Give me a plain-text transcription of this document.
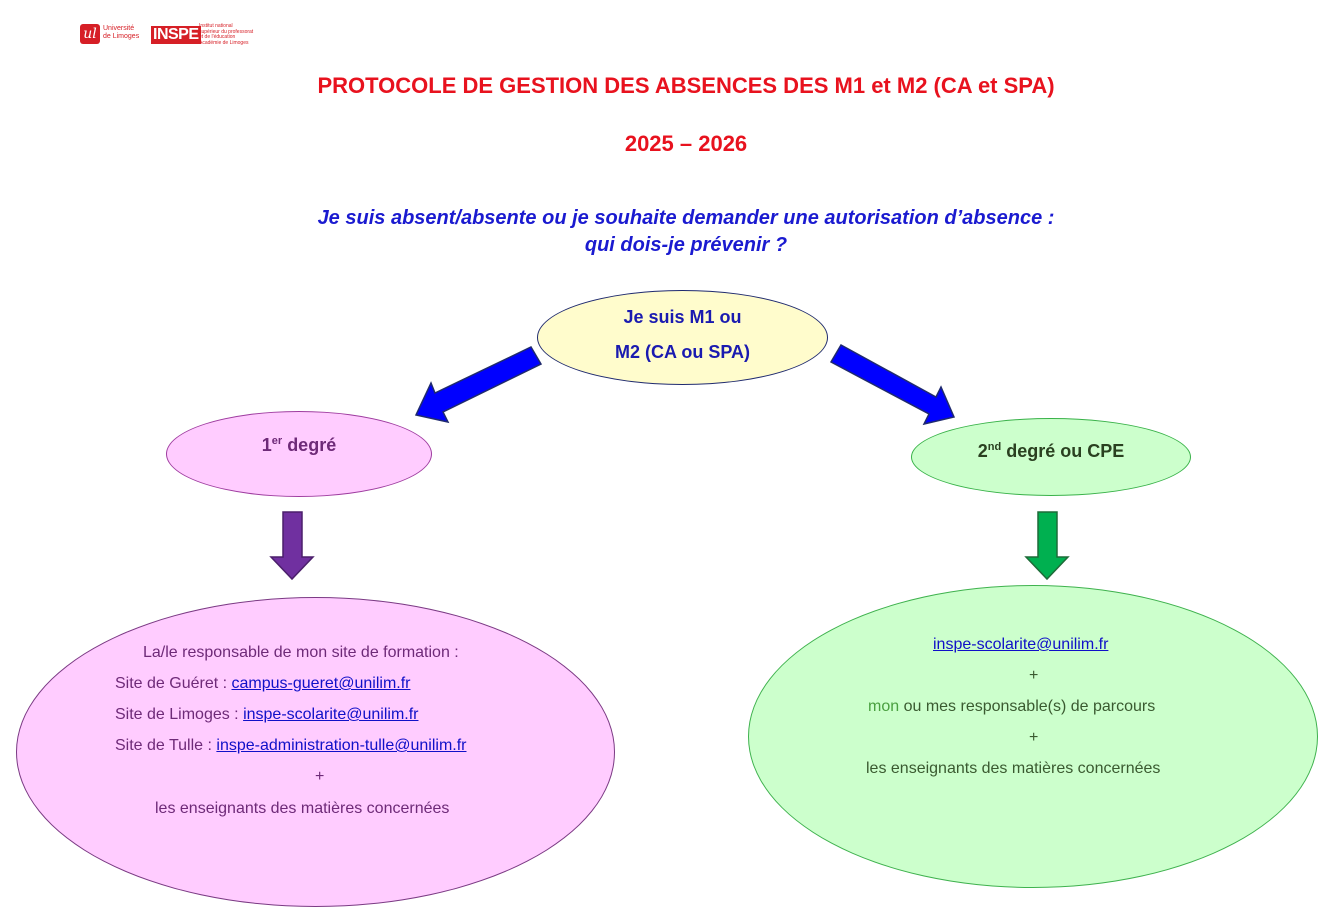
ul Université
de Limoges INSPE Institut national
supérieur du professorat
et de l'éducation
Académie de Limoges
PROTOCOLE DE GESTION DES ABSENCES DES M1 et M2 (CA et SPA)
2025 – 2026
Je suis absent/absente ou je souhaite demander une autorisation d’absence :
qui dois-je prévenir ?
Je suis M1 ou
M2 (CA ou SPA)
1er degré	2nd degré ou CPE
La/le responsable de mon site de formation :
Site de Guéret : campus-gueret@unilim.fr
Site de Limoges : inspe-scolarite@unilim.fr
Site de Tulle : inspe-administration-tulle@unilim.fr
+
les enseignants des matières concernées
inspe-scolarite@unilim.fr
+
mon ou mes responsable(s) de parcours
+
les enseignants des matières concernées
